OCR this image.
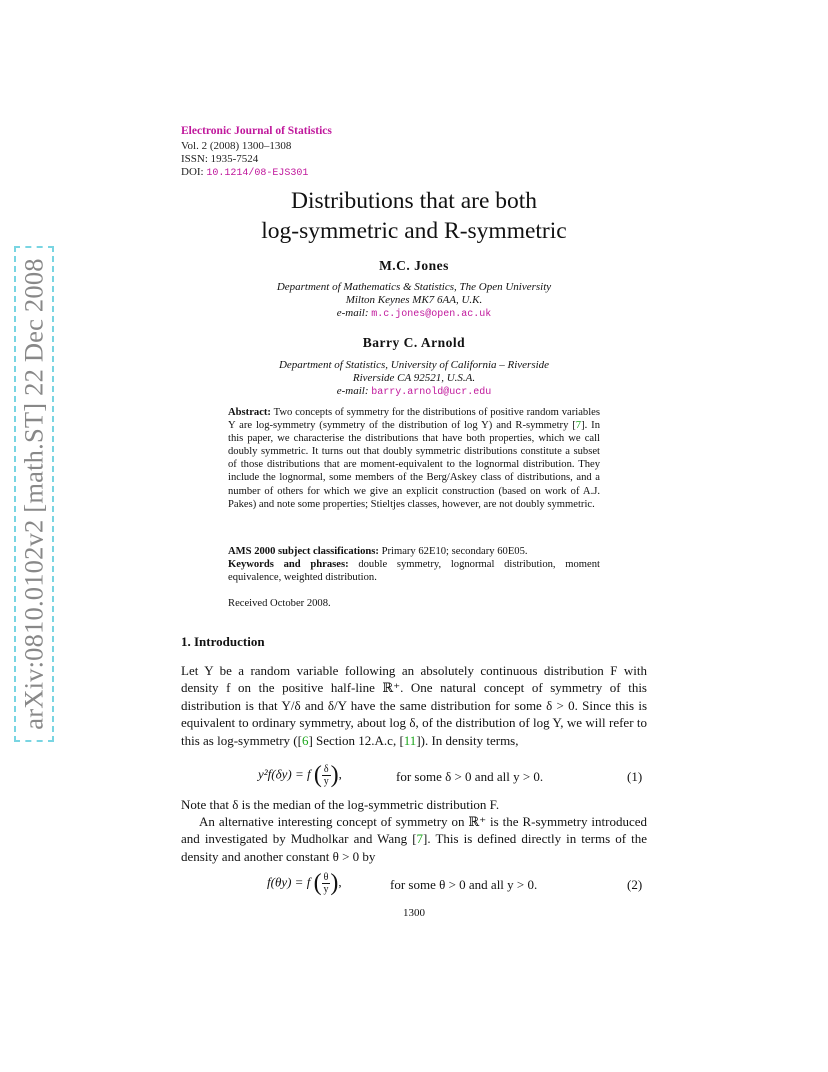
arXiv:0810.0102v2 [math.ST] 22 Dec 2008
Electronic Journal of Statistics
Vol. 2 (2008) 1300–1308
ISSN: 1935-7524
DOI: 10.1214/08-EJS301
Distributions that are both
log-symmetric and R-symmetric
M.C. Jones
Department of Mathematics & Statistics, The Open University
Milton Keynes MK7 6AA, U.K.
e-mail: m.c.jones@open.ac.uk
Barry C. Arnold
Department of Statistics, University of California – Riverside
Riverside CA 92521, U.S.A.
e-mail: barry.arnold@ucr.edu
Abstract: Two concepts of symmetry for the distributions of positive random variables Y are log-symmetry (symmetry of the distribution of log Y) and R-symmetry [7]. In this paper, we characterise the distributions that have both properties, which we call doubly symmetric. It turns out that doubly symmetric distributions constitute a subset of those distributions that are moment-equivalent to the lognormal distribution. They include the lognormal, some members of the Berg/Askey class of distributions, and a number of others for which we give an explicit construction (based on work of A.J. Pakes) and note some properties; Stieltjes classes, however, are not doubly symmetric.
AMS 2000 subject classifications: Primary 62E10; secondary 60E05.
Keywords and phrases: double symmetry, lognormal distribution, moment equivalence, weighted distribution.
Received October 2008.
1. Introduction
Let Y be a random variable following an absolutely continuous distribution F with density f on the positive half-line ℝ⁺. One natural concept of symmetry of this distribution is that Y/δ and δ/Y have the same distribution for some δ > 0. Since this is equivalent to ordinary symmetry, about log δ, of the distribution of log Y, we will refer to this as log-symmetry ([6] Section 12.A.c, [11]). In density terms,
y²f(δy) = f ( $\frac{\delta}{y}$ ),	for some δ > 0 and all y > 0.	(1)
Note that δ is the median of the log-symmetric distribution F.
An alternative interesting concept of symmetry on ℝ⁺ is the R-symmetry introduced and investigated by Mudholkar and Wang [7]. This is defined directly in terms of the density and another constant θ > 0 by
f(θy) = f ( $\frac{\theta}{y}$ ),	for some θ > 0 and all y > 0.	(2)
1300
